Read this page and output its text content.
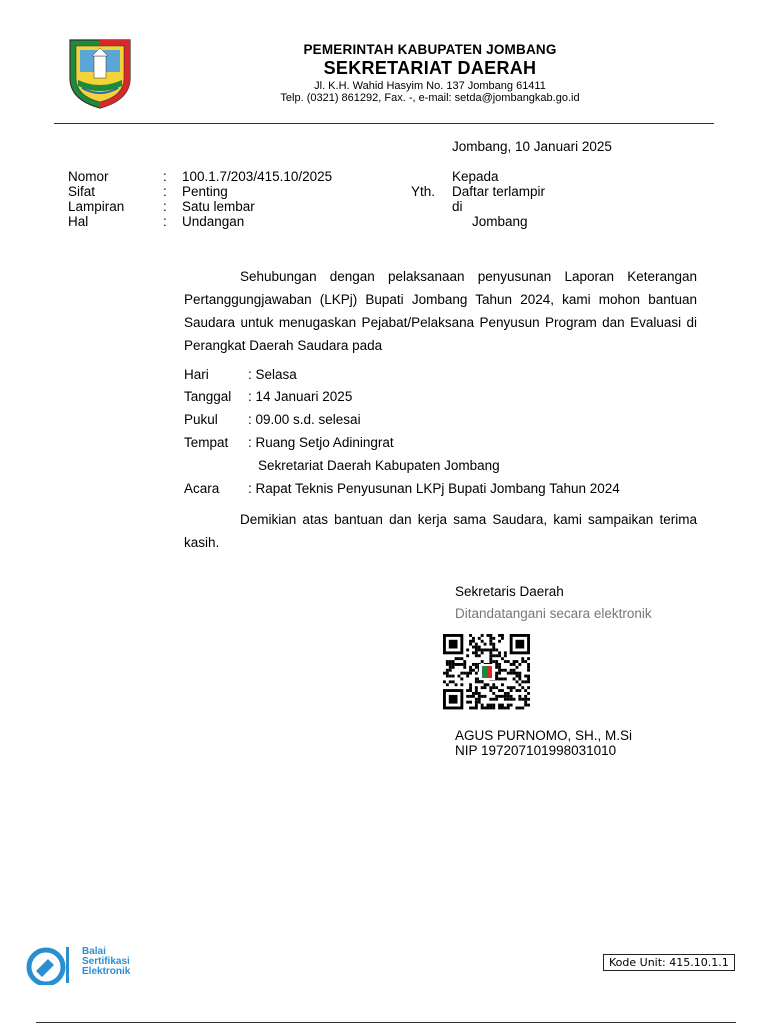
PEMERINTAH KABUPATEN JOMBANG
SEKRETARIAT DAERAH
Jl. K.H. Wahid Hasyim No. 137 Jombang 61411
Telp. (0321) 861292, Fax. -, e-mail: setda@jombangkab.go.id
Jombang, 10 Januari 2025
Nomor	: 100.1.7/203/415.10/2025
Sifat	: Penting
Lampiran	: Satu lembar
Hal	: Undangan
Kepada
Yth. Daftar terlampir
di
Jombang
Sehubungan dengan pelaksanaan penyusunan Laporan Keterangan Pertanggungjawaban (LKPj) Bupati Jombang Tahun 2024, kami mohon bantuan Saudara untuk menugaskan Pejabat/Pelaksana Penyusun Program dan Evaluasi di Perangkat Daerah Saudara pada
Hari	: Selasa
Tanggal : 14 Januari 2025
Pukul : 09.00 s.d. selesai
Tempat : Ruang Setjo Adiningrat
Sekretariat Daerah Kabupaten Jombang
Acara : Rapat Teknis Penyusunan LKPj Bupati Jombang Tahun 2024
Demikian atas bantuan dan kerja sama Saudara, kami sampaikan terima kasih.
Sekretaris Daerah
Ditandatangani secara elektronik
AGUS PURNOMO, SH., M.Si
NIP 197207101998031010
Balai
Sertifikasi
Elektronik
Kode Unit: 415.10.1.1
